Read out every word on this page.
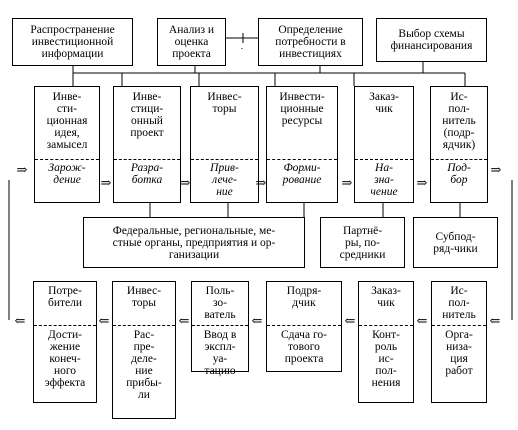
Распространение
инвестиционной
информации
Анализ и
оценка
проекта
Определение
потребности в
инвестициях
Выбор схемы
финансирования
Инве-
сти-
ционная
идея,
замысел
Зарож-
дение
Инве-
стици-
онный
проект
Разра-
ботка
Инвес-
торы
Прив-
лече-
ние
Инвести-
ционные
ресурсы
Форми-
рование
Заказ-
чик
На-
зна-
чение
Ис-
пол-
нитель
(подр-
ядчик)
Под-
бор
⇒
⇒	⇒	⇒	⇒	⇒
⇒
Федеральные, региональные, ме-
стные органы, предприятия и ор-
ганизации
Партнё-
ры, по-
средники
Субпод-
ряд-чики
Потре-
бители
Дости-
жение
конеч-
ного
эффекта
Инвес-
торы
Рас-
пре-
деле-
ние
прибы-
ли
Поль-
зо-
ватель
Ввод в
экспл-
уа-
тацию
Подря-
дчик
Сдача го-
тового
проекта
Заказ-
чик
Конт-
роль
ис-
пол-
нения
Ис-
пол-
нитель
Орга-
низа-
ция
работ
⇐	⇐	⇐	⇐	⇐	⇐	⇐
